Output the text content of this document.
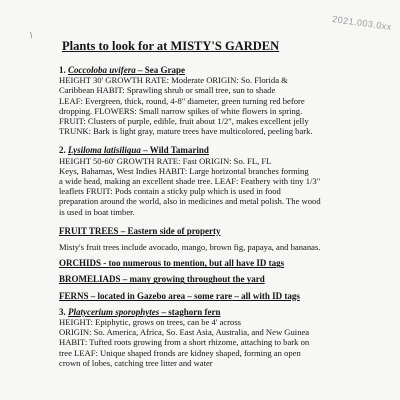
/
2021.003.0xx
Plants to look for at MISTY'S GARDEN
1. Coccoloba uvifera – Sea Grape

HEIGHT 30' GROWTH RATE: Moderate ORIGIN: So. Florida &

Caribbean HABIT: Sprawling shrub or small tree, sun to shade

LEAF: Evergreen, thick, round, 4-8" diameter, green turning red before

dropping. FLOWERS: Small narrow spikes of white flowers in spring.

FRUIT: Clusters of purple, edible, fruit about 1/2", makes excellent jelly

TRUNK: Bark is light gray, mature trees have multicolored, peeling bark.

2. Lysiloma latisiliqua – Wild Tamarind

HEIGHT 50-60' GROWTH RATE: Fast ORIGIN: So. FL, FL

Keys, Bahamas, West Indies HABIT: Large horizontal branches forming

a wide head, making an excellent shade tree. LEAF: Feathery with tiny 1/3"

leaflets FRUIT: Pods contain a sticky pulp which is used in food

preparation around the world, also in medicines and metal polish. The wood

is used in boat timber.

FRUIT TREES – Eastern side of property

Misty's fruit trees include avocado, mango, brown fig, papaya, and bananas.

ORCHIDS - too numerous to mention, but all have ID tags
BROMELIADS – many growing throughout the yard
FERNS – located in Gazebo area – some rare – all with ID tags
3. Platycerium sporophytes – staghorn fern

HEIGHT: Epiphytic, grows on trees, can be 4' across

ORIGIN: So. America, Africa, So. East Asia, Australia, and New Guinea

HABIT: Tufted roots growing from a short rhizome, attaching to bark on

tree LEAF: Unique shaped fronds are kidney shaped, forming an open

crown of lobes, catching tree litter and water
